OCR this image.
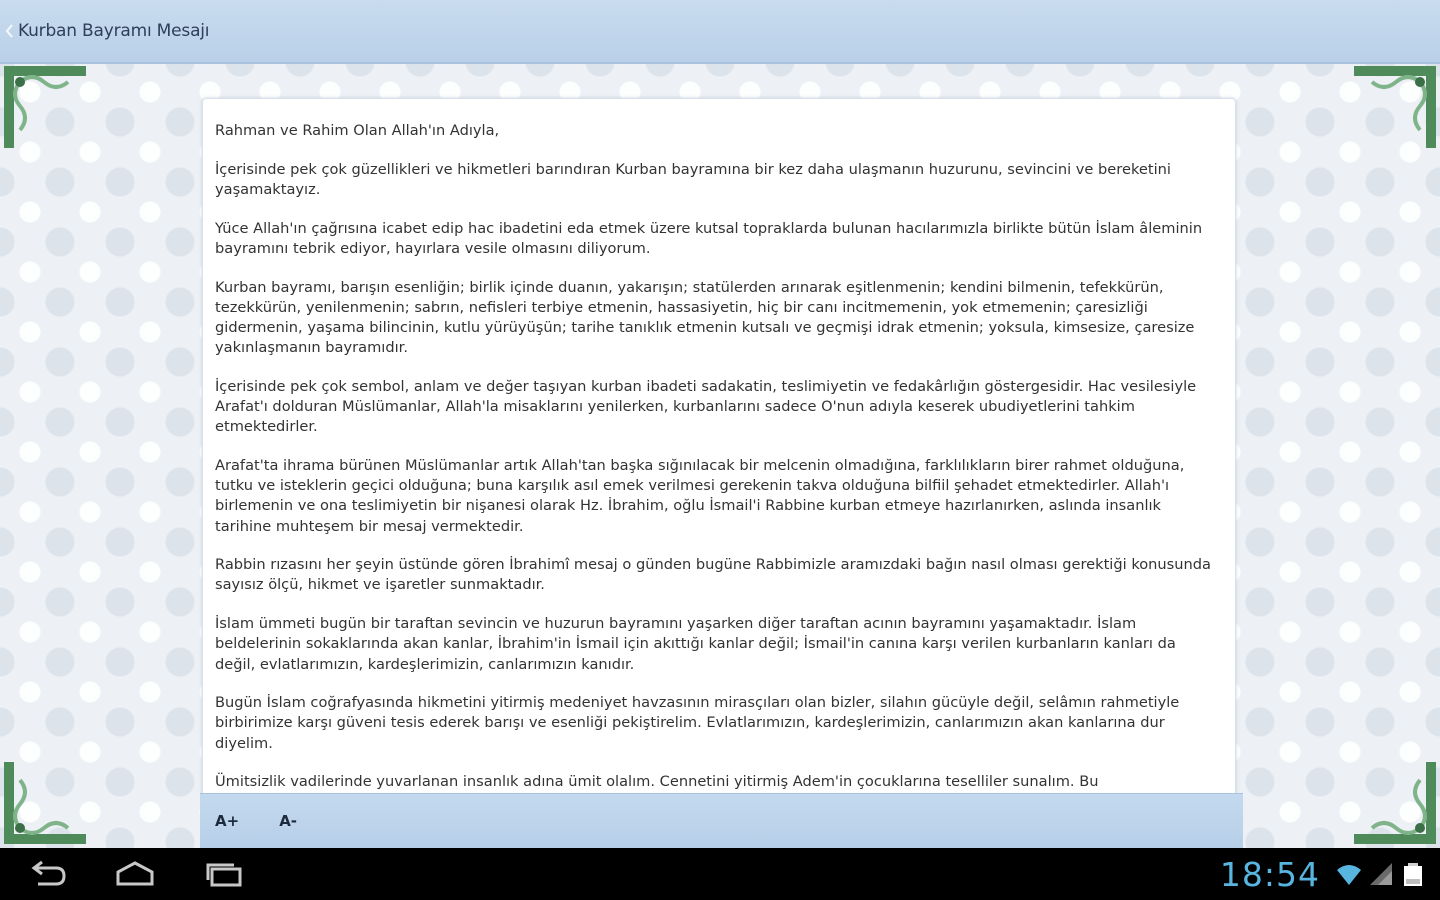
Kurban Bayramı Mesajı

Rahman ve Rahim Olan Allah'ın Adıyla,

İçerisinde pek çok güzellikleri ve hikmetleri barındıran Kurban bayramına bir kez daha ulaşmanın huzurunu, sevincini ve bereketini yaşamaktayız.

Yüce Allah'ın çağrısına icabet edip hac ibadetini eda etmek üzere kutsal topraklarda bulunan hacılarımızla birlikte bütün İslam âleminin bayramını tebrik ediyor, hayırlara vesile olmasını diliyorum.

Kurban bayramı, barışın esenliğin; birlik içinde duanın, yakarışın; statülerden arınarak eşitlenmenin; kendini bilmenin, tefekkürün, tezekkürün, yenilenmenin; sabrın, nefisleri terbiye etmenin, hassasiyetin, hiç bir canı incitmemenin, yok etmemenin; çaresizliği gidermenin, yaşama bilincinin, kutlu yürüyüşün; tarihe tanıklık etmenin kutsalı ve geçmişi idrak etmenin; yoksula, kimsesize, çaresize yakınlaşmanın bayramıdır.

İçerisinde pek çok sembol, anlam ve değer taşıyan kurban ibadeti sadakatin, teslimiyetin ve fedakârlığın göstergesidir. Hac vesilesiyle Arafat'ı dolduran Müslümanlar, Allah'la misaklarını yenilerken, kurbanlarını sadece O'nun adıyla keserek ubudiyetlerini tahkim etmektedirler.

Arafat'ta ihrama bürünen Müslümanlar artık Allah'tan başka sığınılacak bir melcenin olmadığına, farklılıkların birer rahmet olduğuna, tutku ve isteklerin geçici olduğuna; buna karşılık asıl emek verilmesi gerekenin takva olduğuna bilfiil şehadet etmektedirler. Allah'ı birlemenin ve ona teslimiyetin bir nişanesi olarak Hz. İbrahim, oğlu İsmail'i Rabbine kurban etmeye hazırlanırken, aslında insanlık tarihine muhteşem bir mesaj vermektedir.

Rabbin rızasını her şeyin üstünde gören İbrahimî mesaj o günden bugüne Rabbimizle aramızdaki bağın nasıl olması gerektiği konusunda sayısız ölçü, hikmet ve işaretler sunmaktadır.

İslam ümmeti bugün bir taraftan sevincin ve huzurun bayramını yaşarken diğer taraftan acının bayramını yaşamaktadır. İslam beldelerinin sokaklarında akan kanlar, İbrahim'in İsmail için akıttığı kanlar değil; İsmail'in canına karşı verilen kurbanların kanları da değil, evlatlarımızın, kardeşlerimizin, canlarımızın kanıdır.

Bugün İslam coğrafyasında hikmetini yitirmiş medeniyet havzasının mirasçıları olan bizler, silahın gücüyle değil, selâmın rahmetiyle birbirimize karşı güveni tesis ederek barışı ve esenliği pekiştirelim. Evlatlarımızın, kardeşlerimizin, canlarımızın akan kanlarına dur diyelim.

Ümitsizlik vadilerinde yuvarlanan insanlık adına ümit olalım. Cennetini yitirmiş Adem'in çocuklarına teselliler sunalım. Bu

A+	A-
18:54
